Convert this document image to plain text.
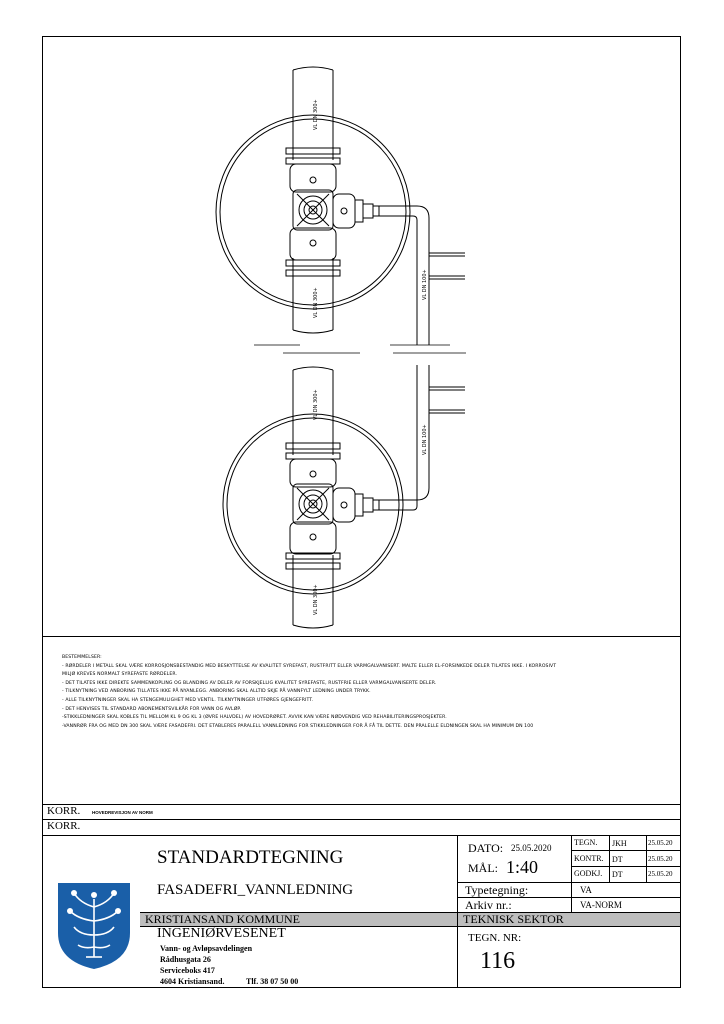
VL DN 300+
VL DN 300+
VL DN 100+
VL DN 300+
VL DN 300+
VL DN 100+
BESTEMMELSER:
- RØRDELER I METALL SKAL VÆRE KORROSJONSBESTANDIG MED BESKYTTELSE AV KVALITET SYREFAST, RUSTFRITT ELLER VARMGALVANISERT. MALTE ELLER EL-FORSINKEDE DELER TILATES IKKE. I KORROSIVT
MILJØ KREVES NORMALT SYREFASTE RØRDELER.
- DET TILATES IKKE DIREKTE SAMMENKOPLING OG BLANDING AV DELER AV FORSKJELLIG KVALITET SYREFASTE, RUSTFRIE ELLER VARMGALVANISERTE DELER.
- TILKNYTNING VED ANBORING TILLATES IKKE PÅ NYANLEGG. ANBORING SKAL ALLTID SKJE PÅ VANNFYLT LEDNING UNDER TRYKK.
- ALLE TILKNYTNINGER SKAL HA STENGEMULIGHET MED VENTIL. TILKNYTNINGER UTFØRES GJENGEFRITT.
- DET HENVISES TIL STANDARD ABONEMENTSVILKÅR FOR VANN OG AVLØP.
-STIKKLEDNINGER SKAL KOBLES TIL MELLOM KL 9 OG KL 3 (ØVRE HALVDEL) AV HOVEDRØRET. AVVIK KAN VÆRE NØDVENDIG VED REHABILITERINGSPROSJEKTER.
-VANNRØR FRA OG MED DN 300 SKAL VÆRE FASADEFRI. DET ETABLERES PARALELL VANNLEDNING FOR STIKKLEDNINGER FOR Å FÅ TIL DETTE. DEN PRALELLE ELDNINGEN SKAL HA MINIMUM DN 100
KORR.	HOVEDREVISJON AV NORM
KORR.
STANDARDTEGNING
FASADEFRI_VANNLEDNING
KRISTIANSAND KOMMUNE	TEKNISK SEKTOR
INGENIØRVESENET
Vann- og Avløpsavdelingen
Rådhusgata 26
Serviceboks 417
4604 Kristiansand.	Tlf. 38 07 50 00
DATO: 25.05.2020
MÅL: 1:40
TEGN. JKH	25.05.20
KONTR. DT	25.05.20
GODKJ. DT	25.05.20
Typetegning:	VA
Arkiv nr.:	VA-NORM
TEGN. NR:
116
